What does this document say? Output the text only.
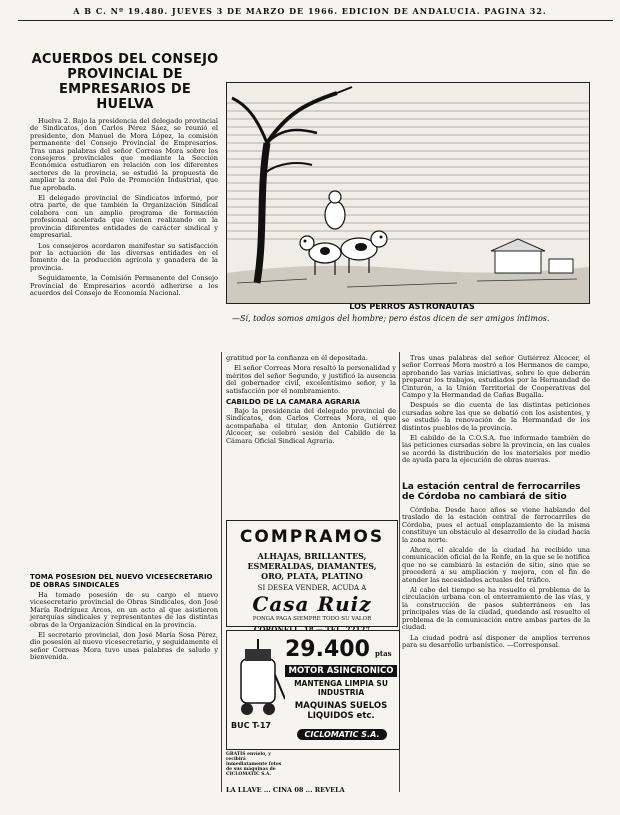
A B C. Nº 19.480. JUEVES 3 DE MARZO DE 1966. EDICION DE ANDALUCIA. PAGINA 32.
ACUERDOS DEL CONSEJO PROVINCIAL DE EMPRESARIOS DE HUELVA

Huelva 2. Bajo la presidencia del delegado provincial de Sindicatos, don Carlos Pérez Sáez, se reunió el presidente, don Manuel de Mora López, la comisión permanente del Consejo Provincial de Empresarios. Tras unas palabras del señor Correas Mora sobre los consejeros provinciales que mediante la Sección Económica estudiaron en relación con los diferentes sectores de la provincia, se estudió la propuesta de ampliar la zona del Polo de Promoción Industrial, que fue aprobada.

El delegado provincial de Sindicatos informó, por otra parte, de que también la Organización Sindical colabora con un amplio programa de formación profesional acelerada que vienen realizando en la provincia diferentes entidades de carácter sindical y empresarial.

Los consejeros acordaron manifestar su satisfacción por la actuación de las diversas entidades en el fomento de la producción agrícola y ganadera de la provincia.

Seguidamente, la Comisión Permanente del Consejo Provincial de Empresarios acordó adherirse a los acuerdos del Consejo de Economía Nacional.

TOMA POSESION DEL NUEVO VICESECRETARIO DE OBRAS SINDICALES

Ha tomado posesión de su cargo el nuevo vicesecretario provincial de Obras Sindicales, don José María Rodríguez Arcos, en un acto al que asistieron jerarquías sindicales y representantes de las distintas obras de la Organización Sindical en la provincia.

El secretario provincial, don José María Sosa Pérez, dio posesión al nuevo vicesecretario, y seguidamente el señor Correas Mora tuvo unas palabras de saludo y bienvenida.

LOS PERROS ASTRONAUTAS
—Sí, todos somos amigos del hombre; pero éstos dicen de ser amigos íntimos.

gratitud por la confianza en él depositada.

El señor Correas Mora resaltó la personalidad y méritos del señor Segundo, y justificó la ausencia del gobernador civil, excelentísimo señor, y la satisfacción por el nombramiento.

CABILDO DE LA CAMARA AGRARIA

Bajo la presidencia del delegado provincial de Sindicatos, don Carlos Correas Mora, el que acompañaba el titular, don Antonio Gutiérrez Alcocer, se celebró sesión del Cabildo de la Cámara Oficial Sindical Agraria.

COMPRAMOS
ALHAJAS, BRILLANTES,
ESMERALDAS, DIAMANTES,
ORO, PLATA, PLATINO
SI DESEA VENDER, ACUDA A
Casa Ruiz
PONGA PAGA SIEMPRE TODO SU VALOR
29.400 ptas
MOTOR ASINCRONICO
MANTENGA LIMPIA SU INDUSTRIA
BUC T-17
MAQUINAS SUELOS LIQUIDOS etc.
CICLOMATIC S.A.
GRATIS envíelo, y recibirá inmediatamente fotos de sus máquinas de CICLOMATIC S.A.
LA LLAVE ... CINA 08 ... REVELA

Tras unas palabras del señor Gutiérrez Alcocer, el señor Correas Mora mostró a los Hermanos de campo, aprobando las varias iniciativas, sobre lo que deberán preparar los trabajos, estudiados por la Hermandad de Cinturón, a la Unión Territorial de Cooperativas del Campo y la Hermandad de Cañas Bugalla.

Después se dio cuenta de las distintas peticiones cursadas sobre las que se debatió con los asistentes, y se estudió la renovación de la Hermandad de los distintos pueblos de la provincia.

El cabildo de la C.O.S.A. fue informado también de las peticiones cursadas sobre la provincia, en las cuales se acordó la distribución de los materiales por medio de ayuda para la ejecución de obras nuevas.

La estación central de ferrocarriles de Córdoba no cambiará de sitio

Córdoba. Desde hace años se viene hablando del traslado de la estación central de ferrocarriles de Córdoba, pues el actual emplazamiento de la misma constituye un obstáculo al desarrollo de la ciudad hacia la zona norte.

Ahora, el alcalde de la ciudad ha recibido una comunicación oficial de la Renfe, en la que se le notifica que no se cambiará la estación de sitio, sino que se procederá a su ampliación y mejora, con el fin de atender las necesidades actuales del tráfico.

Al cabo del tiempo se ha resuelto el problema de la circulación urbana con el enterramiento de las vías, y la construcción de pasos subterráneos en las principales vías de la ciudad, quedando así resuelto el problema de la comunicación entre ambas partes de la ciudad.

La ciudad podrá así disponer de amplios terrenos para su desarrollo urbanístico. —Corresponsal.
